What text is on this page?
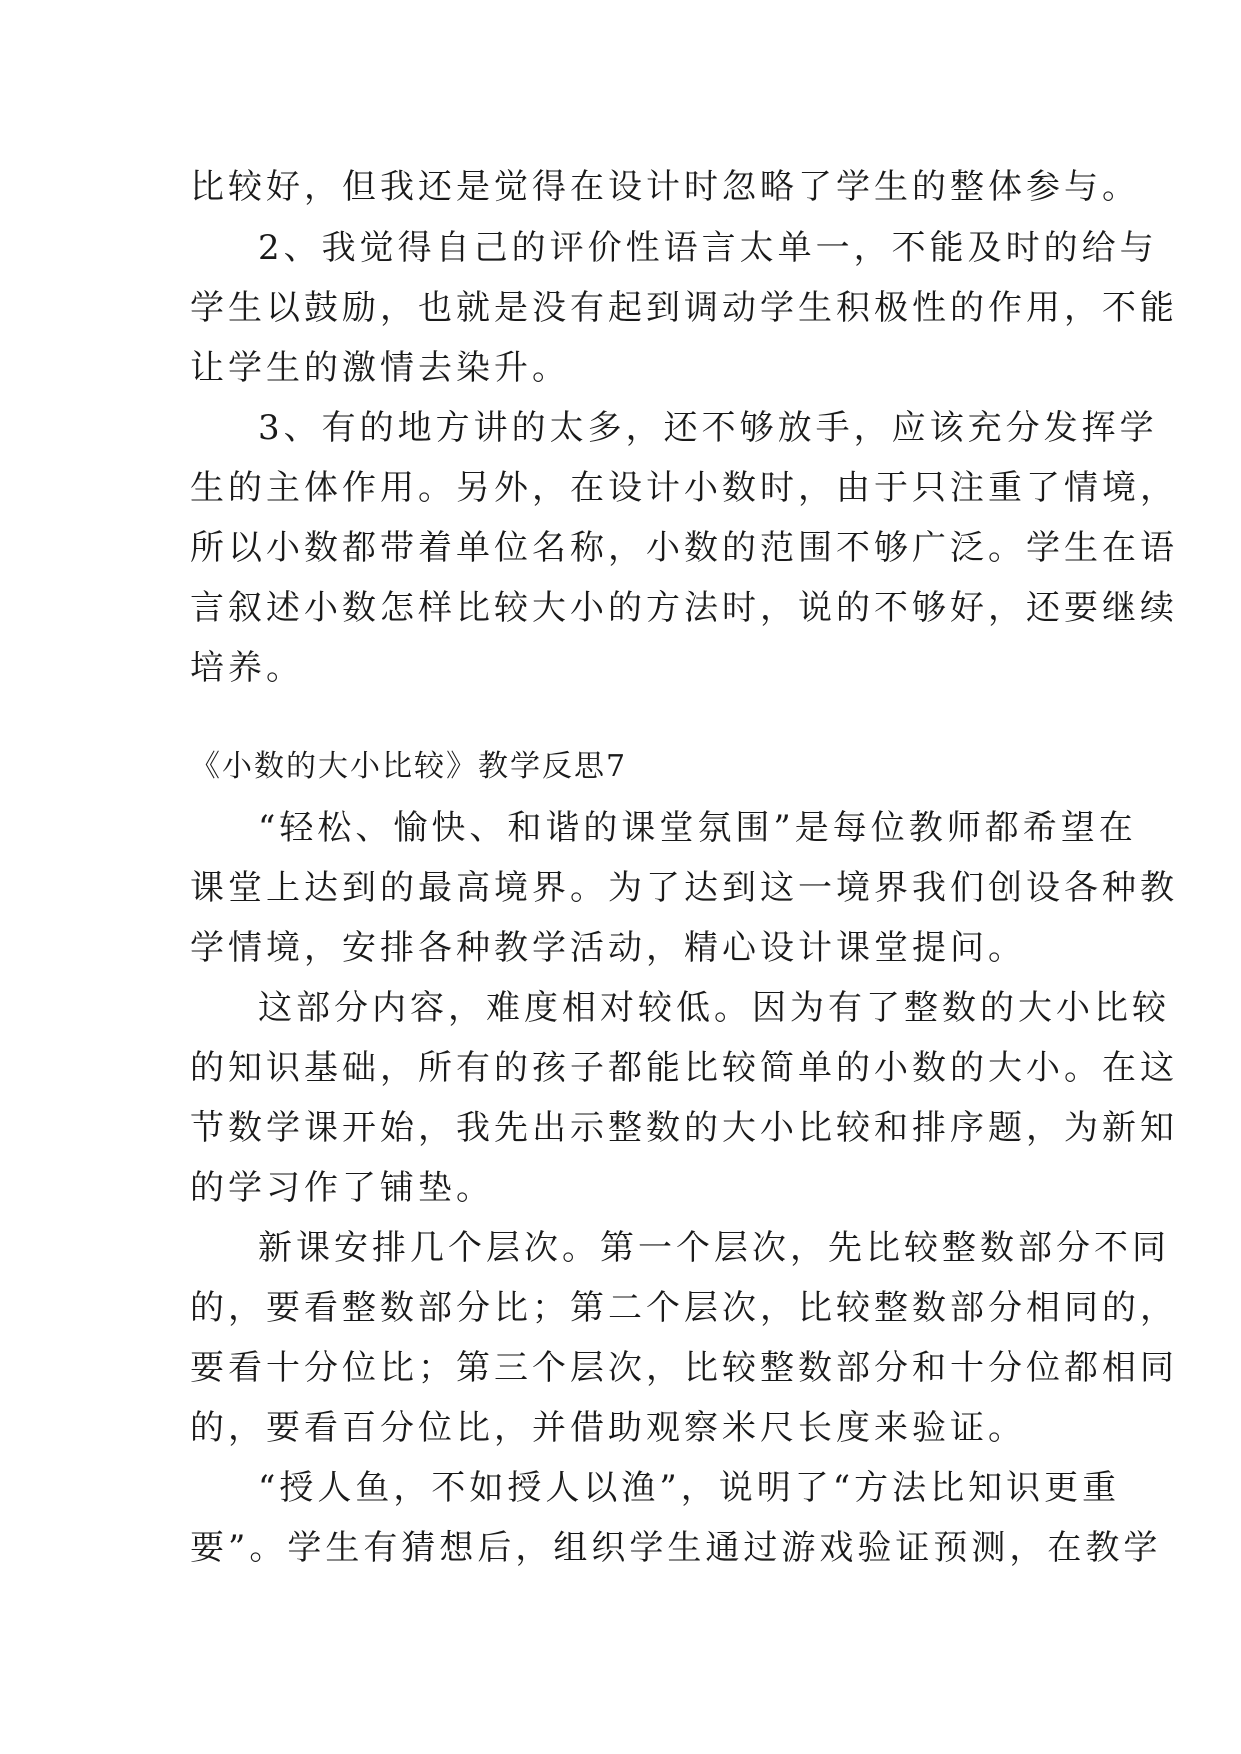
比较好，但我还是觉得在设计时忽略了学生的整体参与。
2、我觉得自己的评价性语言太单一，不能及时的给与
学生以鼓励，也就是没有起到调动学生积极性的作用，不能
让学生的激情去染升。
3、有的地方讲的太多，还不够放手，应该充分发挥学
生的主体作用。另外，在设计小数时，由于只注重了情境，
所以小数都带着单位名称，小数的范围不够广泛。学生在语
言叙述小数怎样比较大小的方法时，说的不够好，还要继续
培养。
《小数的大小比较》教学反思7
“轻松、愉快、和谐的课堂氛围”是每位教师都希望在
课堂上达到的最高境界。为了达到这一境界我们创设各种教
学情境，安排各种教学活动，精心设计课堂提问。
这部分内容，难度相对较低。因为有了整数的大小比较
的知识基础，所有的孩子都能比较简单的小数的大小。在这
节数学课开始，我先出示整数的大小比较和排序题，为新知
的学习作了铺垫。
新课安排几个层次。第一个层次，先比较整数部分不同
的，要看整数部分比；第二个层次，比较整数部分相同的，
要看十分位比；第三个层次，比较整数部分和十分位都相同
的，要看百分位比，并借助观察米尺长度来验证。
“授人鱼，不如授人以渔”，说明了“方法比知识更重
要”。学生有猜想后，组织学生通过游戏验证预测，在教学
